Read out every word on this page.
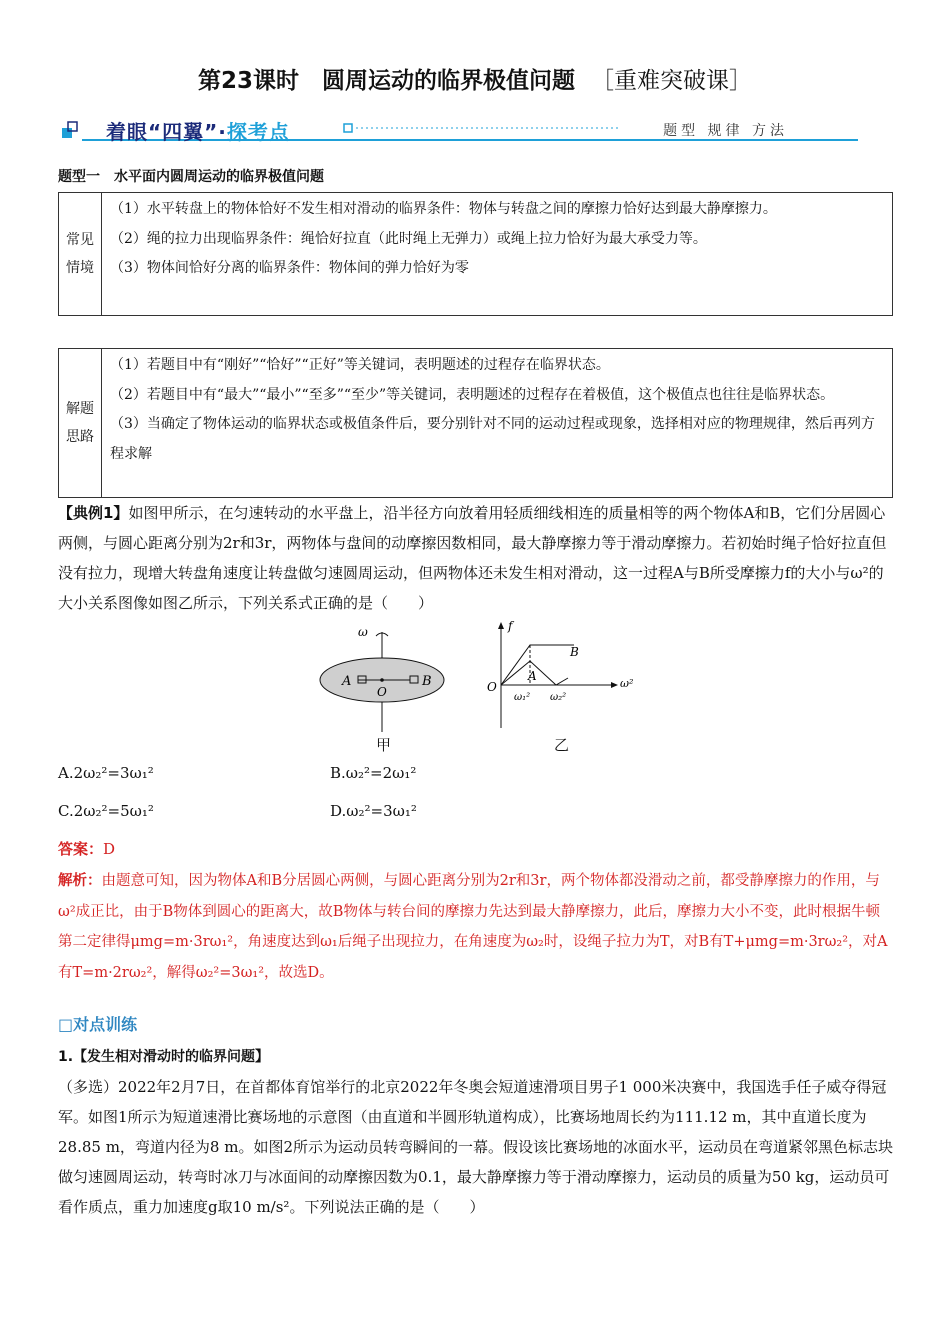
第23课时　圆周运动的临界极值问题 ［重难突破课］
着眼“四翼”·探考点	题型 规律 方法
题型一　水平面内圆周运动的临界极值问题
常见
情境
（1）水平转盘上的物体恰好不发生相对滑动的临界条件：物体与转盘之间的摩擦力恰好达到最大静摩擦力。
（2）绳的拉力出现临界条件：绳恰好拉直（此时绳上无弹力）或绳上拉力恰好为最大承受力等。
（3）物体间恰好分离的临界条件：物体间的弹力恰好为零
解题
思路
（1）若题目中有“刚好”“恰好”“正好”等关键词，表明题述的过程存在临界状态。
（2）若题目中有“最大”“最小”“至多”“至少”等关键词，表明题述的过程存在着极值，这个极值点也往往是临界状态。
（3）当确定了物体运动的临界状态或极值条件后，要分别针对不同的运动过程或现象，选择相对应的物理规律，然后再列方程求解
【典例1】如图甲所示，在匀速转动的水平盘上，沿半径方向放着用轻质细线相连的质量相等的两个物体A和B，它们分居圆心两侧，与圆心距离分别为2r和3r，两物体与盘间的动摩擦因数相同，最大静摩擦力等于滑动摩擦力。若初始时绳子恰好拉直但没有拉力，现增大转盘角速度让转盘做匀速圆周运动，但两物体还未发生相对滑动，这一过程A与B所受摩擦力f的大小与ω²的大小关系图像如图乙所示，下列关系式正确的是（　　）
ω
A	B
O
甲
f
O
B
A
ω²
ω₁² ω₂²
乙
A.2ω₂²=3ω₁²	B.ω₂²=2ω₁²
C.2ω₂²=5ω₁²	D.ω₂²=3ω₁²
答案：D
解析：由题意可知，因为物体A和B分居圆心两侧，与圆心距离分别为2r和3r，两个物体都没滑动之前，都受静摩擦力的作用，与ω²成正比，由于B物体到圆心的距离大，故B物体与转台间的摩擦力先达到最大静摩擦力，此后，摩擦力大小不变，此时根据牛顿第二定律得μmg=m·3rω₁²，角速度达到ω₁后绳子出现拉力，在角速度为ω₂时，设绳子拉力为T，对B有T+μmg=m·3rω₂²，对A有T=m·2rω₂²，解得ω₂²=3ω₁²，故选D。
□对点训练
1.【发生相对滑动时的临界问题】
（多选）2022年2月7日，在首都体育馆举行的北京2022年冬奥会短道速滑项目男子1 000米决赛中，我国选手任子威夺得冠军。如图1所示为短道速滑比赛场地的示意图（由直道和半圆形轨道构成），比赛场地周长约为111.12 m，其中直道长度为28.85 m，弯道内径为8 m。如图2所示为运动员转弯瞬间的一幕。假设该比赛场地的冰面水平，运动员在弯道紧邻黑色标志块做匀速圆周运动，转弯时冰刀与冰面间的动摩擦因数为0.1，最大静摩擦力等于滑动摩擦力，运动员的质量为50 kg，运动员可看作质点，重力加速度g取10 m/s²。下列说法正确的是（　　）
